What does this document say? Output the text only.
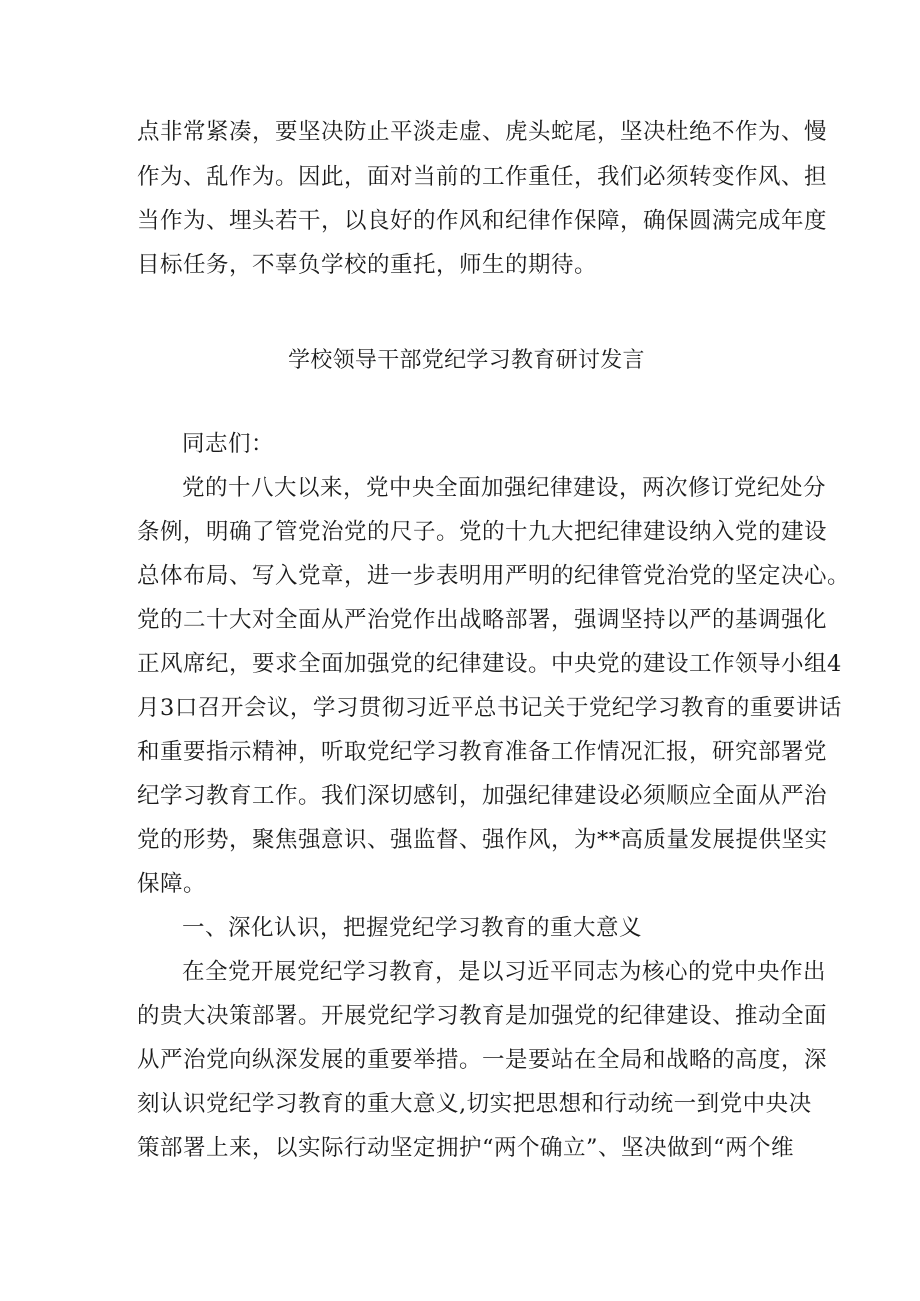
点非常紧凑，要坚决防止平淡走虚、虎头蛇尾，坚决杜绝不作为、慢
作为、乱作为。因此，面对当前的工作重任，我们必须转变作风、担
当作为、埋头若干，以良好的作风和纪律作保障，确保圆满完成年度
目标任务，不辜负学校的重托，师生的期待。
学校领导干部党纪学习教育研讨发言
同志们：
党的十八大以来，党中央全面加强纪律建设，两次修订党纪处分
条例，明确了管党治党的尺子。党的十九大把纪律建设纳入党的建设
总体布局、写入党章，进一步表明用严明的纪律管党治党的坚定决心。
党的二十大对全面从严治党作出战略部署，强调坚持以严的基调强化
正风席纪，要求全面加强党的纪律建设。中央党的建设工作领导小组4
月3口召开会议，学习贯彻习近平总书记关于党纪学习教育的重要讲话
和重要指示精神，听取党纪学习教育准备工作情况汇报，研究部署党
纪学习教育工作。我们深切感钊，加强纪律建设必须顺应全面从严治
党的形势，聚焦强意识、强监督、强作风，为**高质量发展提供坚实
保障。
一、深化认识，把握党纪学习教育的重大意义
在全党开展党纪学习教育，是以习近平同志为核心的党中央作出
的贵大决策部署。开展党纪学习教育是加强党的纪律建设、推动全面
从严治党向纵深发展的重要举措。一是要站在全局和战略的高度，深
刻认识党纪学习教育的重大意义,切实把思想和行动统一到党中央决
策部署上来，以实际行动坚定拥护“两个确立”、坚决做到“两个维
